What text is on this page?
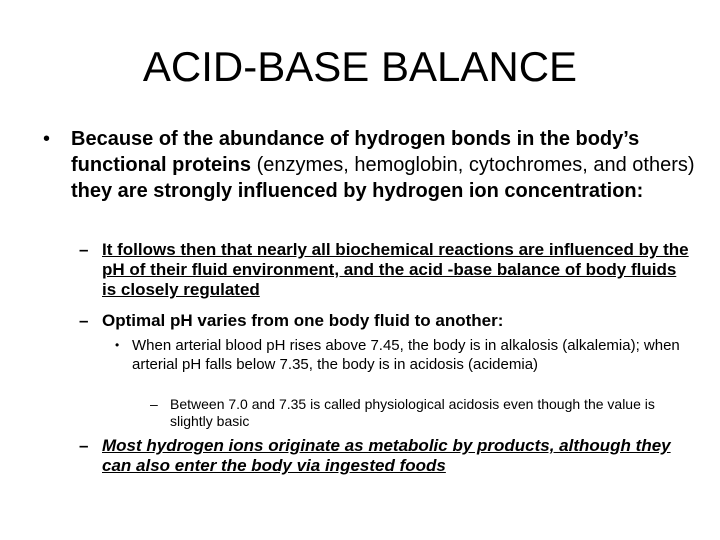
ACID-BASE BALANCE
• Because of the abundance of hydrogen bonds in the body’s functional proteins (enzymes, hemoglobin, cytochromes, and others) they are strongly influenced by hydrogen ion concentration:
– It follows then that nearly all biochemical reactions are influenced by the pH of their fluid environment, and the acid -base balance of body fluids is closely regulated
– Optimal pH varies from one body fluid to another:
• When arterial blood pH rises above 7.45, the body is in alkalosis (alkalemia); when arterial pH falls below 7.35, the body is in acidosis (acidemia)
– Between 7.0 and 7.35 is called physiological acidosis even though the value is slightly basic
– Most hydrogen ions originate as metabolic by products, although they can also enter the body via ingested foods
